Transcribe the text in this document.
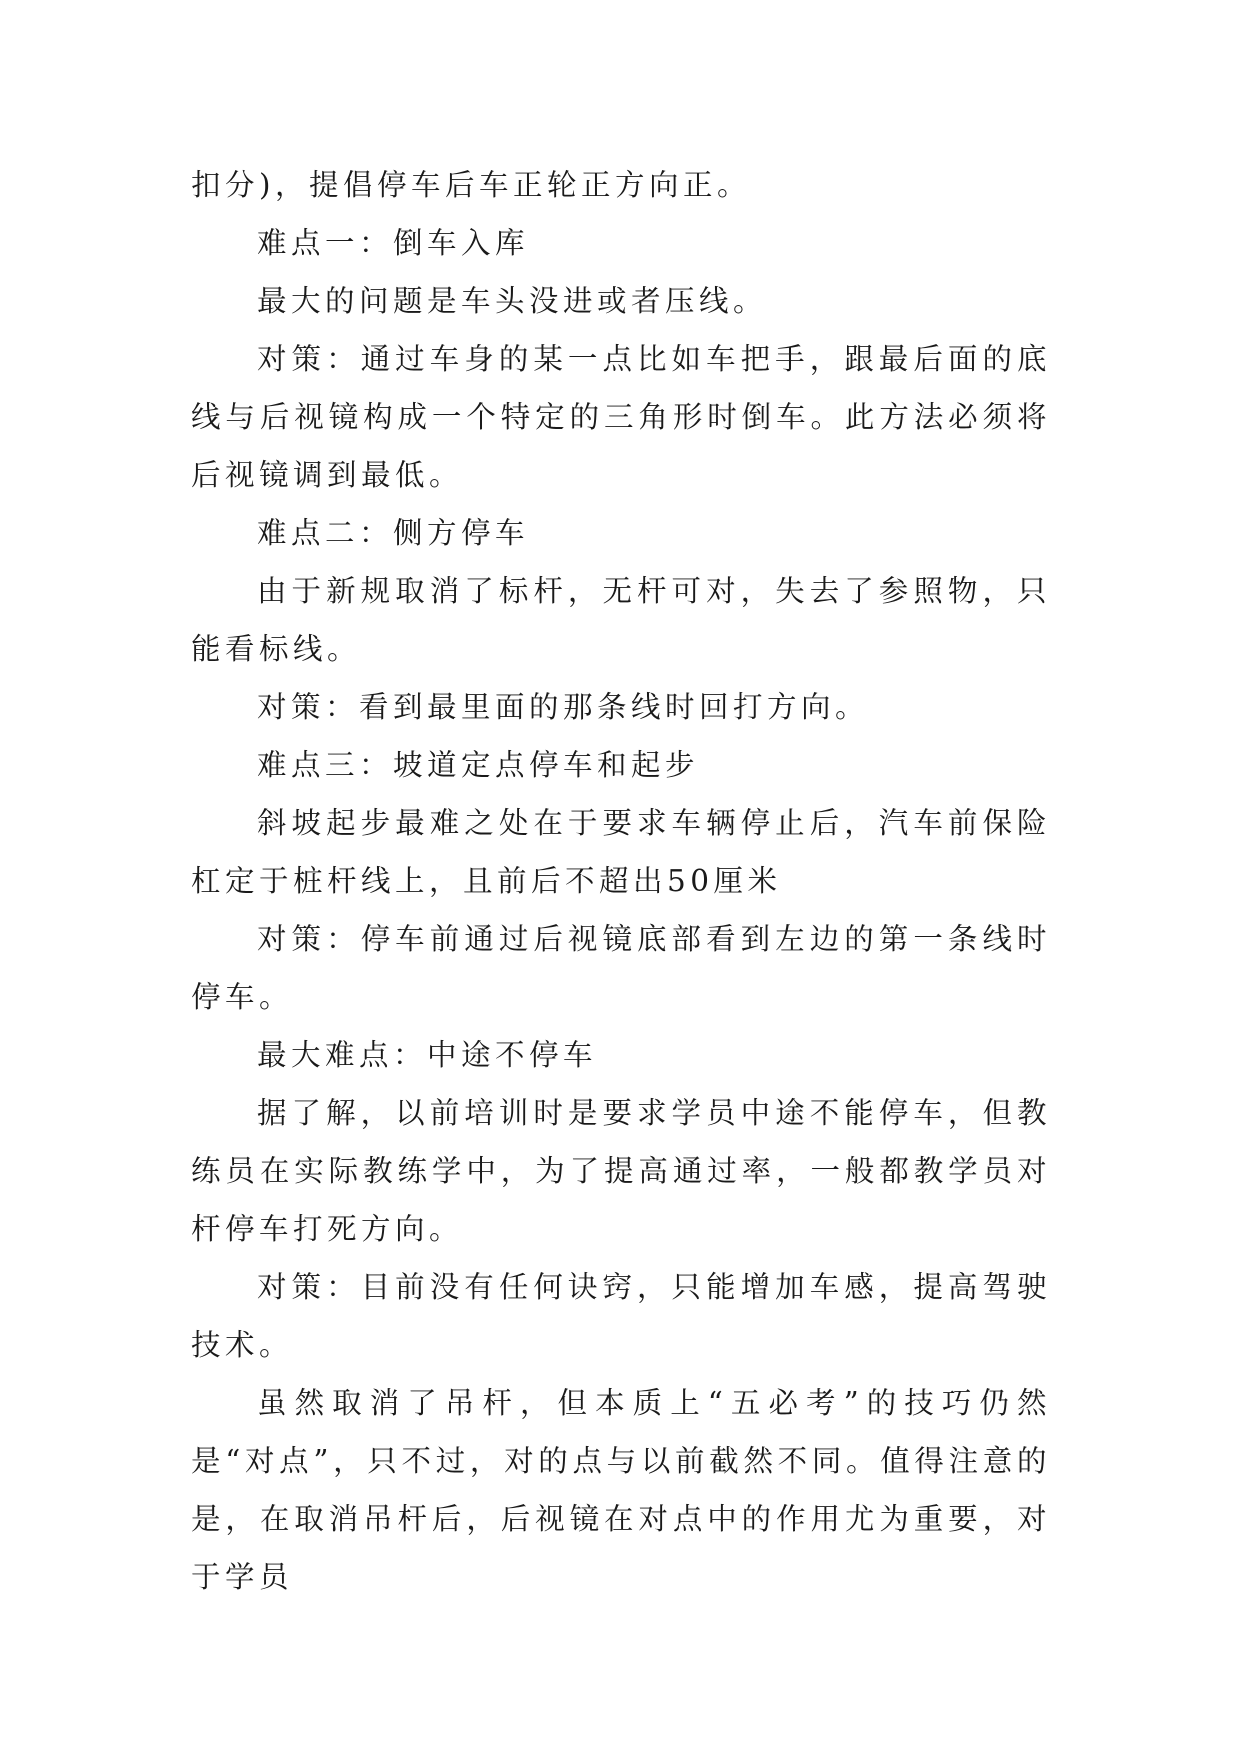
扣分)，提倡停车后车正轮正方向正。

难点一：倒车入库

最大的问题是车头没进或者压线。

对策：通过车身的某一点比如车把手，跟最后面的底线与后视镜构成一个特定的三角形时倒车。此方法必须将后视镜调到最低。

难点二：侧方停车

由于新规取消了标杆，无杆可对，失去了参照物，只能看标线。

对策：看到最里面的那条线时回打方向。

难点三：坡道定点停车和起步

斜坡起步最难之处在于要求车辆停止后，汽车前保险杠定于桩杆线上，且前后不超出50厘米

对策：停车前通过后视镜底部看到左边的第一条线时停车。

最大难点：中途不停车

据了解，以前培训时是要求学员中途不能停车，但教练员在实际教练学中，为了提高通过率，一般都教学员对杆停车打死方向。

对策：目前没有任何诀窍，只能增加车感，提高驾驶技术。

虽然取消了吊杆，但本质上“五必考”的技巧仍然是“对点”，只不过，对的点与以前截然不同。值得注意的是，在取消吊杆后，后视镜在对点中的作用尤为重要，对于学员
